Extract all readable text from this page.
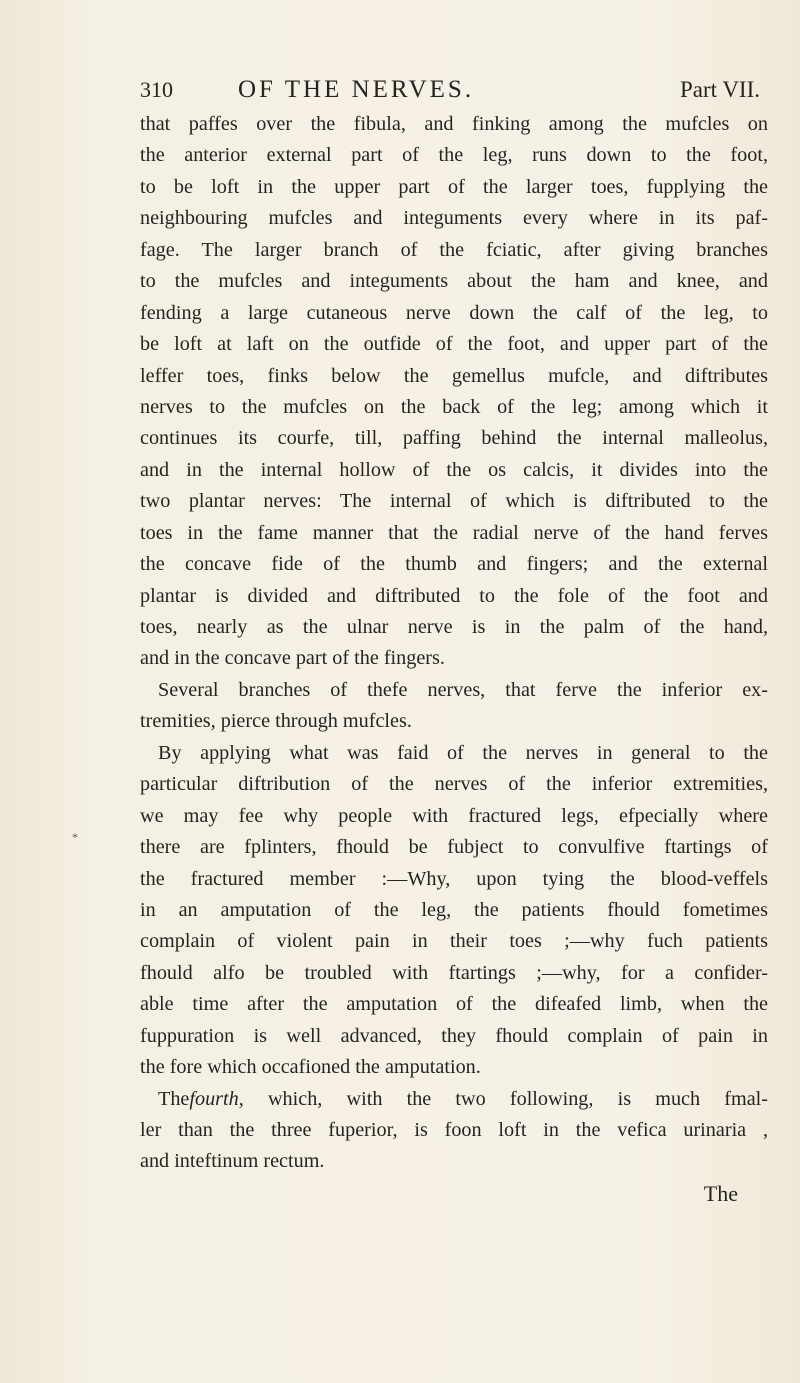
310	OF THE NERVES.	Part VII.
*
that paffes over the fibula, and finking among the mufcles on
the anterior external part of the leg, runs down to the foot,
to be loft in the upper part of the larger toes, fupplying the
neighbouring mufcles and integuments every where in its paf-
fage. The larger branch of the fciatic, after giving branches
to the mufcles and integuments about the ham and knee, and
fending a large cutaneous nerve down the calf of the leg, to
be loft at laft on the outfide of the foot, and upper part of the
leffer toes, finks below the gemellus mufcle, and diftributes
nerves to the mufcles on the back of the leg; among which it
continues its courfe, till, paffing behind the internal malleolus,
and in the internal hollow of the os calcis, it divides into the
two plantar nerves: The internal of which is diftributed to the
toes in the fame manner that the radial nerve of the hand ferves
the concave fide of the thumb and fingers; and the external
plantar is divided and diftributed to the fole of the foot and
toes, nearly as the ulnar nerve is in the palm of the hand,
and in the concave part of the fingers.
Several branches of thefe nerves, that ferve the inferior ex-
tremities, pierce through mufcles.
By applying what was faid of the nerves in general to the
particular diftribution of the nerves of the inferior extremities,
we may fee why people with fractured legs, efpecially where
there are fplinters, fhould be fubject to convulfive ftartings of
the fractured member :—Why, upon tying the blood-veffels
in an amputation of the leg, the patients fhould fometimes
complain of violent pain in their toes ;—why fuch patients
fhould alfo be troubled with ftartings ;—why, for a confider-
able time after the amputation of the difeafed limb, when the
fuppuration is well advanced, they fhould complain of pain in
the fore which occafioned the amputation.
Thefourth, which, with the two following, is much fmal-
ler than the three fuperior, is foon loft in the vefica urinaria ,
and inteftinum rectum.
The
